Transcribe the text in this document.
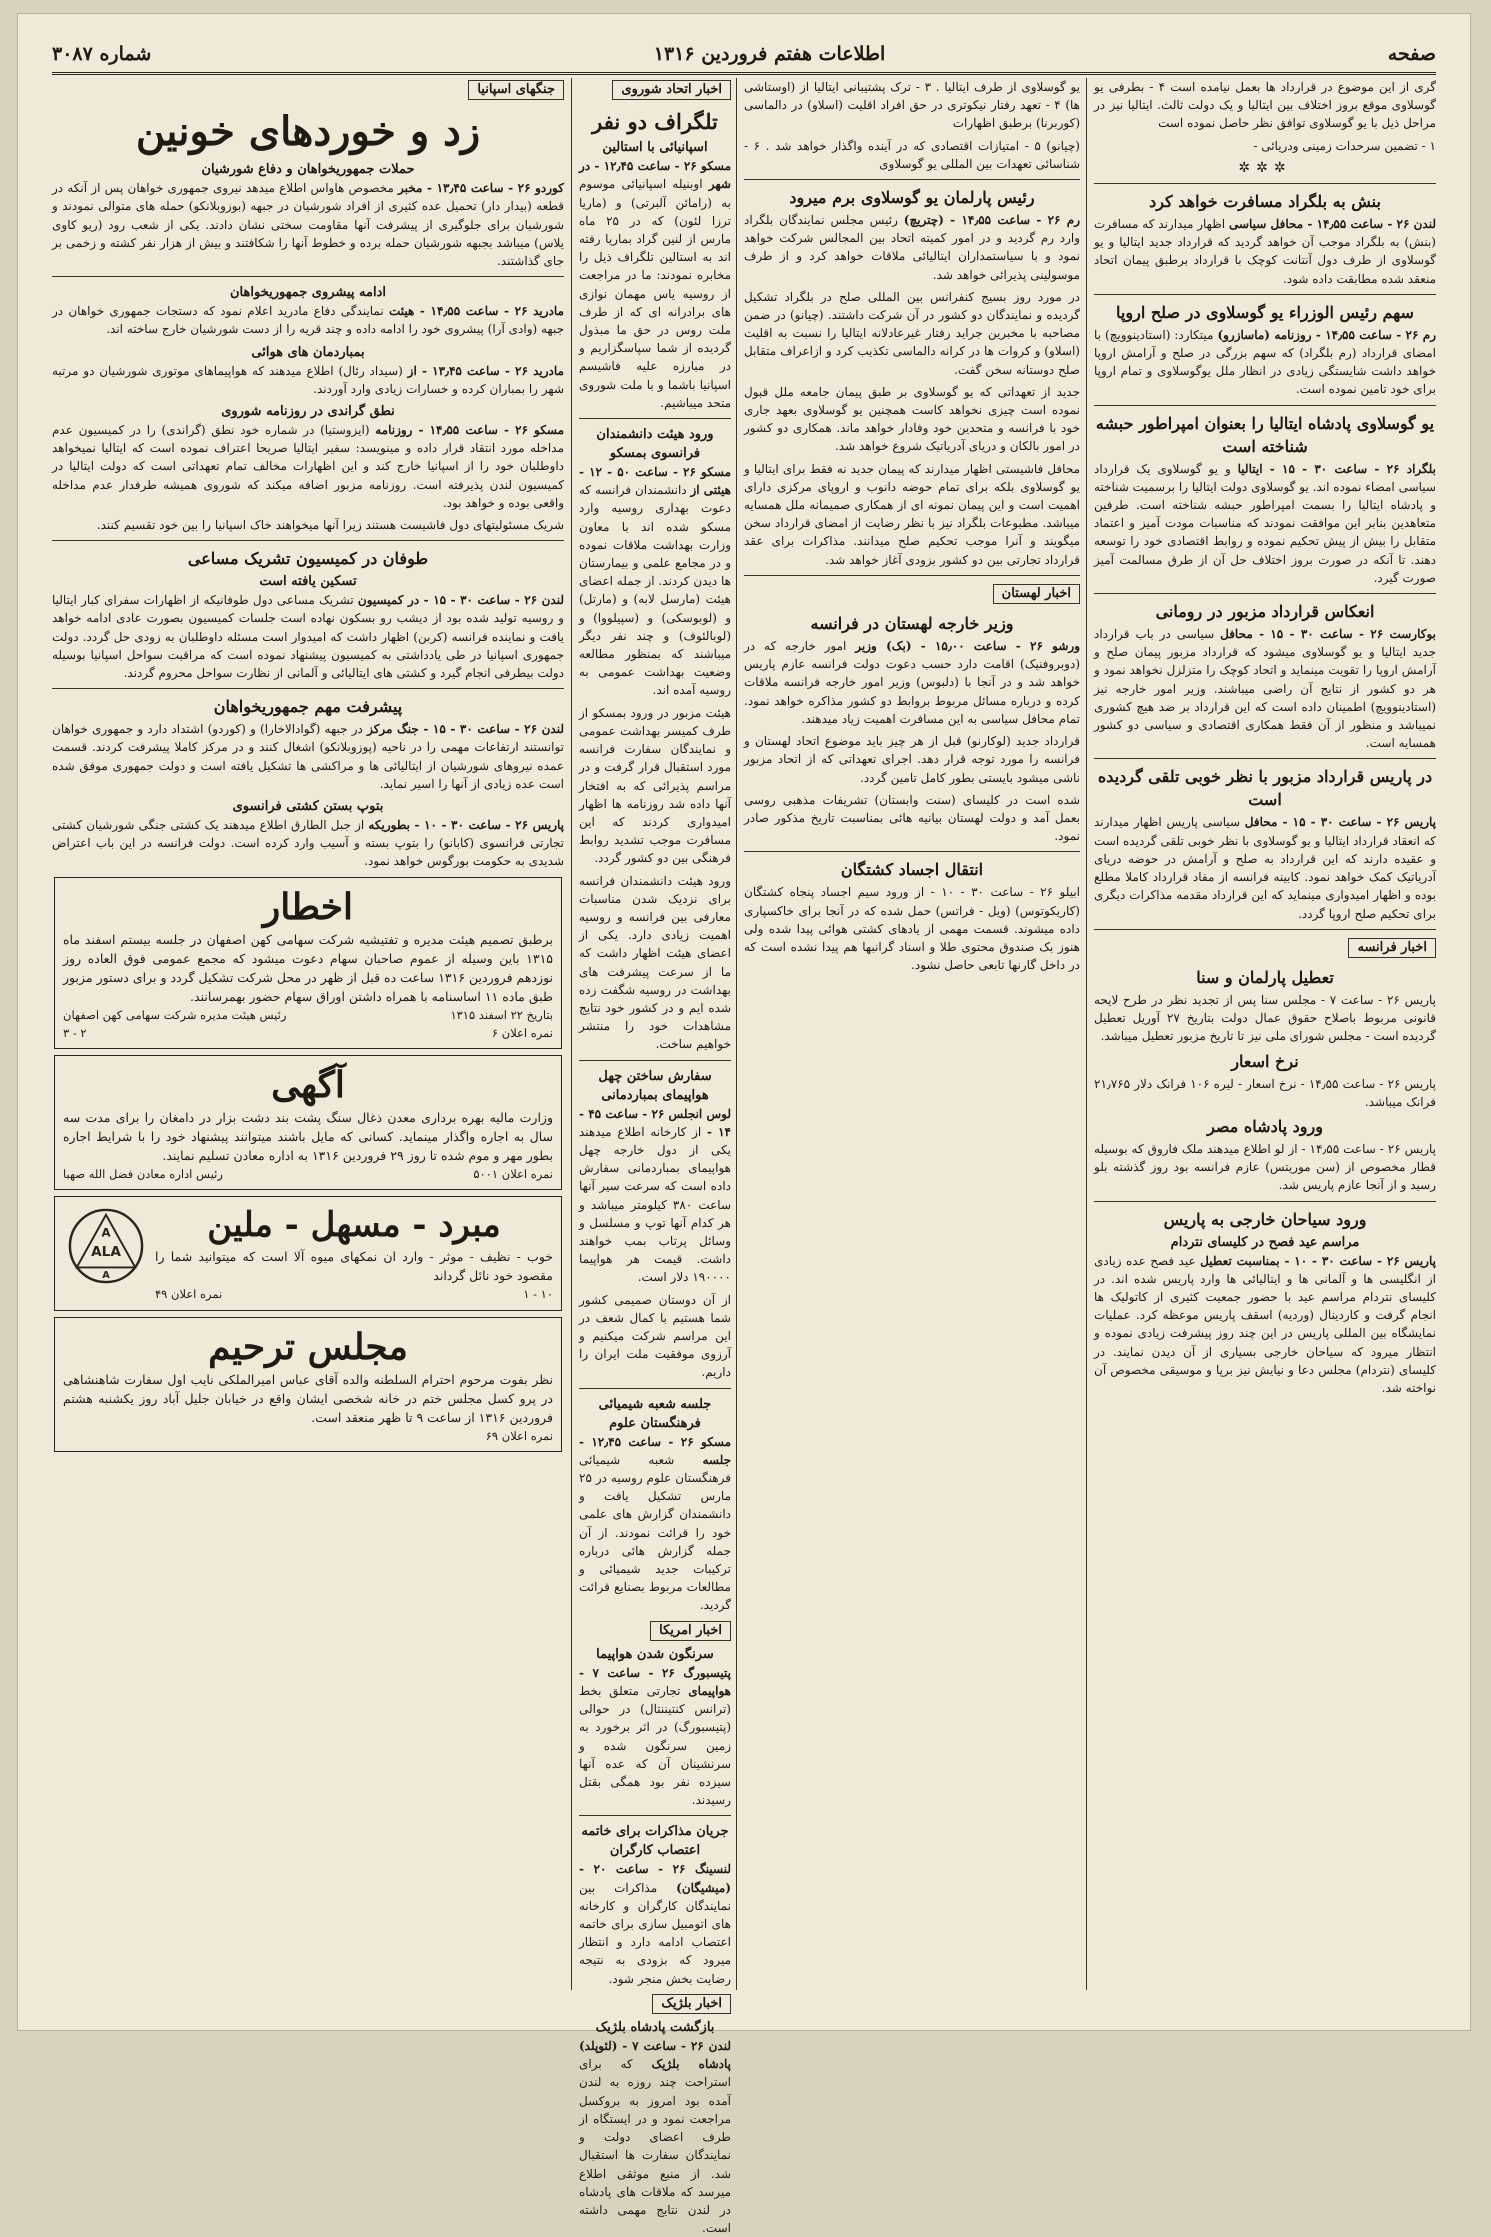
صفحه
اطلاعات هفتم فروردین ۱۳۱۶
شماره ۳۰۸۷

گری از این موضوع در قرارداد ها بعمل نیامده است ۴ - بطرفی یو گوسلاوی موقع بروز اختلاف بین ایتالیا و یک دولت ثالث. ایتالیا نیز در مراحل ذیل با یو گوسلاوی توافق نظر حاصل نموده است

۱ - تضمین سرحدات زمینی ودریائی -

✲✲✲
بنش به بلگراد مسافرت خواهد کرد

لندن ۲۶ - ساعت ۱۴٫۵۵ - محافل سیاسی اظهار میدارند که مسافرت (بنش) به بلگراد موجب آن خواهد گردید که قرارداد جدید ایتالیا و یو گوسلاوی از طرف دول آنتانت کوچک با قرارداد برطبق پیمان اتحاد منعقد شده مطابقت داده شود.

سهم رئیس الوزراء یو گوسلاوی در صلح اروپا

رم ۲۶ - ساعت ۱۴٫۵۵ - روزنامه (ماسازرو) میتکارد: (استادینوویچ) با امضای قرارداد (رم بلگراد) که سهم بزرگی در صلح و آرامش اروپا خواهد داشت شایستگی زیادی در انظار ملل یوگوسلاوی و تمام اروپا برای خود تامین نموده است.

یو گوسلاوی پادشاه ایتالیا را بعنوان امپراطور حبشه شناخته است

بلگراد ۲۶ - ساعت ۳۰ - ۱۵ - ایتالیا و یو گوسلاوی یک قرارداد سیاسی امضاء نموده اند. یو گوسلاوی دولت ایتالیا را برسمیت شناخته و پادشاه ایتالیا را بسمت امپراطور حبشه شناخته است. طرفین متعاهدین بنابر این موافقت نمودند که مناسبات مودت آمیز و اعتماد متقابل را بیش از پیش تحکیم نموده و روابط اقتصادی خود را توسعه دهند. تا آنکه در صورت بروز اختلاف حل آن از طرق مسالمت آمیز صورت گیرد.

انعکاس قرارداد مزبور در رومانی

بوکارست ۲۶ - ساعت ۳۰ - ۱۵ - محافل سیاسی در باب قرارداد جدید ایتالیا و یو گوسلاوی میشود که قرارداد مزبور پیمان صلح و آرامش اروپا را تقویت مینماید و اتحاد کوچک را متزلزل نخواهد نمود و هر دو کشور از نتایج آن راضی میباشند. وزیر امور خارجه نیز (استادینوویچ) اطمینان داده است که این قرارداد بر ضد هیچ کشوری نمیباشد و منظور از آن فقط همکاری اقتصادی و سیاسی دو کشور همسایه است.

در پاریس قرارداد مزبور با نظر خوبی تلقی گردیده است

پاریس ۲۶ - ساعت ۳۰ - ۱۵ - محافل سیاسی پاریس اظهار میدارند که انعقاد قرارداد ایتالیا و یو گوسلاوی با نظر خوبی تلقی گردیده است و عقیده دارند که این قرارداد به صلح و آرامش در حوضه دریای آدریاتیک کمک خواهد نمود. کابینه فرانسه از مفاد قرارداد کاملا مطلع بوده و اظهار امیدواری مینماید که این قرارداد مقدمه مذاکرات دیگری برای تحکیم صلح اروپا گردد.

اخبار فرانسه
تعطیل پارلمان و سنا

پاریس ۲۶ - ساعت ۷ - مجلس سنا پس از تجدید نظر در طرح لایحه قانونی مربوط باصلاح حقوق عمال دولت بتاریخ ۲۷ آوریل تعطیل گردیده است - مجلس شورای ملی نیز تا تاریخ مزبور تعطیل میباشد.

نرخ اسعار

پاریس ۲۶ - ساعت ۱۴٫۵۵ - نرخ اسعار - لیره ۱۰۶ فرانک دلار ۲۱٫۷۶۵ فرانک میباشد.

ورود پادشاه مصر

پاریس ۲۶ - ساعت ۱۴٫۵۵ - از لو اطلاع میدهند ملک فاروق که بوسیله قطار مخصوص از (سن موریتس) عازم فرانسه بود روز گذشته بلو رسید و از آنجا عازم پاریس شد.

ورود سیاحان خارجی به پاریس
مراسم عید فصح در کلیسای نتردام

پاریس ۲۶ - ساعت ۳۰ - ۱۰ - بمناسبت تعطیل عید فصح عده زیادی از انگلیسی ها و آلمانی ها و ایتالیائی ها وارد پاریس شده اند. در کلیسای نتردام مراسم عید با حضور جمعیت کثیری از کاتولیک ها انجام گرفت و کاردینال (وردیه) اسقف پاریس موعظه کرد. عملیات نمایشگاه بین المللی پاریس در این چند روز پیشرفت زیادی نموده و انتظار میرود که سیاحان خارجی بسیاری از آن دیدن نمایند. در کلیسای (نتردام) مجلس دعا و نیایش نیز برپا و موسیقی مخصوص آن نواخته شد.

یو گوسلاوی از طرف ایتالیا . ۳ - ترک پشتیبانی ایتالیا از (اوستاشی ها) ۴ - تعهد رفتار نیکوتری در حق افراد اقلیت (اسلاو) در دالماسی (کوربرنا) برطبق اظهارات

(چیانو) ۵ - امتیازات اقتصادی که در آینده واگذار خواهد شد . ۶ - شناسائی تعهدات بین المللی یو گوسلاوی

رئیس پارلمان یو گوسلاوی برم میرود

رم ۲۶ - ساعت ۱۴٫۵۵ - (چتریچ) رئیس مجلس نمایندگان بلگراد وارد رم گردید و در امور کمیته اتحاد بین المجالس شرکت خواهد نمود و با سیاستمداران ایتالیائی ملاقات خواهد کرد و از طرف موسولینی پذیرائی خواهد شد.

در مورد روز بسیج کنفرانس بین المللی صلح در بلگراد تشکیل گردیده و نمایندگان دو کشور در آن شرکت داشتند. (چیانو) در ضمن مصاحبه با مخبرین جراید رفتار غیرعادلانه ایتالیا را نسبت به اقلیت (اسلاو) و کروات ها در کرانه دالماسی تکذیب کرد و ازاعراف متقابل صلح دوستانه سخن گفت.

جدید از تعهداتی که یو گوسلاوی بر طبق پیمان جامعه ملل قبول نموده است چیزی نخواهد کاست همچنین یو گوسلاوی بعهد جاری خود با فرانسه و متحدین خود وفادار خواهد ماند. همکاری دو کشور در امور بالکان و دریای آدریاتیک شروع خواهد شد.

محافل فاشیستی اظهار میدارند که پیمان جدید نه فقط برای ایتالیا و یو گوسلاوی بلکه برای تمام حوضه دانوب و اروپای مرکزی دارای اهمیت است و این پیمان نمونه ای از همکاری صمیمانه ملل همسایه میباشد. مطبوعات بلگراد نیز با نظر رضایت از امضای قرارداد سخن میگویند و آنرا موجب تحکیم صلح میدانند. مذاکرات برای عقد قرارداد تجارتی بین دو کشور بزودی آغاز خواهد شد.

اخبار لهستان
وزیر خارجه لهستان در فرانسه

ورشو ۲۶ - ساعت ۱۵٫۰۰ - (بک) وزیر امور خارجه که در (دوبروفنیک) اقامت دارد حسب دعوت دولت فرانسه عازم پاریس خواهد شد و در آنجا با (دلبوس) وزیر امور خارجه فرانسه ملاقات کرده و درباره مسائل مربوط بروابط دو کشور مذاکره خواهد نمود. تمام محافل سیاسی به این مسافرت اهمیت زیاد میدهند.

قرارداد جدید (لوکارنو) قبل از هر چیز باید موضوع اتحاد لهستان و فرانسه را مورد توجه قرار دهد. اجرای تعهداتی که از اتحاد مزبور ناشی میشود بایستی بطور کامل تامین گردد.

شده است در کلیسای (سنت وابستان) تشریفات مذهبی روسی بعمل آمد و دولت لهستان بیانیه هائی بمناسبت تاریخ مذکور صادر نمود.

انتقال اجساد کشتگان

ابیلو ۲۶ - ساعت ۳۰ - ۱۰ - از ورود سیم اجساد پنجاه کشتگان (کاریکوتوس) (ویل - فراتس) حمل شده که در آنجا برای خاکسپاری داده میشوند. قسمت مهمی از یادهای کشتی هوائی پیدا شده ولی هنوز بک صندوق محتوی طلا و اسناد گرانبها هم پیدا نشده است که در داخل گارنها تابعی حاصل نشود.

اخبار اتحاد شوروی
تلگراف دو نفر
اسپانیائی با استالین

مسکو ۲۶ - ساعت ۱۲٫۴۵ - در شهر اوبنیله اسپانیائی موسوم به (رامائن آلبرتی) و (ماریا ترزا لئون) که در ۲۵ ماه مارس از لنین گراد بماریا رفته اند به استالین تلگراف ذیل را مخابره نمودند: ما در مراجعت از روسیه یاس مهمان نوازی های برادرانه ای که از طرف ملت روس در حق ما مبذول گردیده از شما سپاسگزاریم و در مبارزه علیه فاشیسم اسپانیا باشما و با ملت شوروی متحد میباشیم.

ورود هیئت دانشمندان فرانسوی بمسکو

مسکو ۲۶ - ساعت ۵۰ - ۱۲ - هیئتی از دانشمندان فرانسه که دعوت بهداری روسیه وارد مسکو شده اند با معاون وزارت بهداشت ملاقات نموده و در مجامع علمی و بیمارستان ها دیدن کردند. از جمله اعضای هیئت (مارسل لابه) و (مارتل) و (لوبوسکی) و (سپیلووا) و (لوبالئوف) و چند نفر دیگر میباشند که بمنظور مطالعه وضعیت بهداشت عمومی به روسیه آمده اند.

هیئت مزبور در ورود بمسکو از طرف کمیسر بهداشت عمومی و نمایندگان سفارت فرانسه مورد استقبال قرار گرفت و در مراسم پذیرائی که به افتخار آنها داده شد روزنامه ها اظهار امیدواری کردند که این مسافرت موجب تشدید روابط فرهنگی بین دو کشور گردد.

ورود هیئت دانشمندان فرانسه برای نزدیک شدن مناسبات معارفی بین فرانسه و روسیه اهمیت زیادی دارد. یکی از اعضای هیئت اظهار داشت که ما از سرعت پیشرفت های بهداشت در روسیه شگفت زده شده ایم و در کشور خود نتایج مشاهدات خود را منتشر خواهیم ساخت.

سفارش ساختن چهل هواپیمای بمباردمانی

لوس انجلس ۲۶ - ساعت ۴۵ - ۱۴ - از کارخانه اطلاع میدهند یکی از دول خارجه چهل هواپیمای بمباردمانی سفارش داده است که سرعت سیر آنها ساعت ۳۸۰ کیلومتر میباشد و هر کدام آنها توپ و مسلسل و وسائل پرتاب بمب خواهند داشت. قیمت هر هواپیما ۱۹۰۰۰۰ دلار است.

از آن دوستان صمیمی کشور شما هستیم با کمال شعف در این مراسم شرکت میکنیم و آرزوی موفقیت ملت ایران را داریم.

جلسه شعبه شیمیائی فرهنگستان علوم

مسکو ۲۶ - ساعت ۱۲٫۴۵ - جلسه شعبه شیمیائی فرهنگستان علوم روسیه در ۲۵ مارس تشکیل یافت و دانشمندان گزارش های علمی خود را قرائت نمودند. از آن جمله گزارش هائی درباره ترکیبات جدید شیمیائی و مطالعات مربوط بصنایع قرائت گردید.

اخبار امریکا
سرنگون شدن هواپیما

پتیسبورگ ۲۶ - ساعت ۷ - هواپیمای تجارتی متعلق بخط (ترانس کنتیننتال) در حوالی (پتیسبورگ) در اثر برخورد به زمین سرنگون شده و سرنشینان آن که عده آنها سیزده نفر بود همگی بقتل رسیدند.

جریان مذاکرات برای خاتمه اعتصاب کارگران

لنسینگ ۲۶ - ساعت ۲۰ - (میشیگان) مذاکرات بین نمایندگان کارگران و کارخانه های اتومبیل سازی برای خاتمه اعتصاب ادامه دارد و انتظار میرود که بزودی به نتیجه رضایت بخش منجر شود.

اخبار بلژیک
بازگشت پادشاه بلژیک

لندن ۲۶ - ساعت ۷ - (لئوپلد) پادشاه بلژیک که برای استراحت چند روزه به لندن آمده بود امروز به بروکسل مراجعت نمود و در ایستگاه از طرف اعضای دولت و نمایندگان سفارت ها استقبال شد. از منبع موثقی اطلاع میرسد که ملاقات های پادشاه در لندن نتایج مهمی داشته است.

جنگهای اسپانیا
زد و خوردهای خونین
حملات جمهوریخواهان و دفاع شورشیان

کوردو ۲۶ - ساعت ۱۳٫۴۵ - مخبر مخصوص هاواس اطلاع میدهد نیروی جمهوری خواهان پس از آنکه در قطعه (بیدار دار) تحمیل عده کثیری از افراد شورشیان در جبهه (بوزوبلانکو) حمله های متوالی نمودند و شورشیان برای جلوگیری از پیشرفت آنها مقاومت سختی نشان دادند. یکی از شعب رود (ریو کاوی یلاس) میباشد بجبهه شورشیان حمله برده و خطوط آنها را شکافتند و بیش از هزار نفر کشته و زخمی بر جای گذاشتند.

ادامه پیشروی جمهوریخواهان

مادرید ۲۶ - ساعت ۱۴٫۵۵ - هیئت نمایندگی دفاع مادرید اعلام نمود که دستجات جمهوری خواهان در جبهه (وادی آرا) پیشروی خود را ادامه داده و چند قریه را از دست شورشیان خارج ساخته اند.

بمباردمان های هوائی

مادرید ۲۶ - ساعت ۱۳٫۴۵ - از (سیداد رئال) اطلاع میدهند که هواپیماهای موتوری شورشیان دو مرتبه شهر را بمباران کرده و خسارات زیادی وارد آوردند.

نطق گراندی در روزنامه شوروی

مسکو ۲۶ - ساعت ۱۴٫۵۵ - روزنامه (ایزوستیا) در شماره خود نطق (گراندی) را در کمیسیون عدم مداخله مورد انتقاد قرار داده و مینویسد: سفیر ایتالیا صریحا اعتراف نموده است که ایتالیا نمیخواهد داوطلبان خود را از اسپانیا خارج کند و این اظهارات مخالف تمام تعهداتی است که دولت ایتالیا در کمیسیون لندن پذیرفته است. روزنامه مزبور اضافه میکند که شوروی همیشه طرفدار عدم مداخله واقعی بوده و خواهد بود.

شریک مسئولیتهای دول فاشیست هستند زیرا آنها میخواهند خاک اسپانیا را بین خود تقسیم کنند.

طوفان در کمیسیون تشریک مساعی
تسکین یافته است

لندن ۲۶ - ساعت ۳۰ - ۱۵ - در کمیسیون تشریک مساعی دول طوفانیکه از اظهارات سفرای کبار ایتالیا و روسیه تولید شده بود از دیشب رو بسکون نهاده است جلسات کمیسیون بصورت عادی ادامه خواهد یافت و نماینده فرانسه (کربن) اظهار داشت که امیدوار است مسئله داوطلبان به زودی حل گردد. دولت جمهوری اسپانیا در طی یادداشتی به کمیسیون پیشنهاد نموده است که مراقبت سواحل اسپانیا بوسیله دولت بیطرفی انجام گیرد و کشتی های ایتالیائی و آلمانی از نظارت سواحل محروم گردند.

پیشرفت مهم جمهوریخواهان

لندن ۲۶ - ساعت ۳۰ - ۱۵ - جنگ مرکز در جبهه (گوادالاخارا) و (کوردو) اشتداد دارد و جمهوری خواهان توانستند ارتفاعات مهمی را در ناحیه (پوزوبلانکو) اشغال کنند و در مرکز کاملا پیشرفت کردند. قسمت عمده نیروهای شورشیان از ایتالیائی ها و مراکشی ها تشکیل یافته است و دولت جمهوری موفق شده است عده زیادی از آنها را اسیر نماید.

بتوپ بستن کشتی فرانسوی

پاریس ۲۶ - ساعت ۳۰ - ۱۰ - بطوریکه از جبل الطارق اطلاع میدهند یک کشتی جنگی شورشیان کشتی تجارتی فرانسوی (کابانو) را بتوپ بسته و آسیب وارد کرده است. دولت فرانسه در این باب اعتراض شدیدی به حکومت بورگوس خواهد نمود.

اخطار
برطبق تصمیم هیئت مدیره و تفتیشیه شرکت سهامی کهن اصفهان در جلسه بیستم اسفند ماه ۱۳۱۵ باین وسیله از عموم صاحبان سهام دعوت میشود که مجمع عمومی فوق العاده روز نوزدهم فروردین ۱۳۱۶ ساعت ده قبل از ظهر در محل شرکت تشکیل گردد و برای دستور مزبور طبق ماده ۱۱ اساسنامه با همراه داشتن اوراق سهام حضور بهمرسانند.
بتاریخ ۲۲ اسفند ۱۳۱۵
رئیس هیئت مدیره شرکت سهامی کهن اصفهان
نمره اعلان ۶
۲ - ۳
آگهی
وزارت مالیه بهره برداری معدن ذغال سنگ پشت بند دشت بزار در دامغان را برای مدت سه سال به اجاره واگذار مینماید. کسانی که مایل باشند میتوانند پیشنهاد خود را با شرایط اجاره بطور مهر و موم شده تا روز ۲۹ فروردین ۱۳۱۶ به اداره معادن تسلیم نمایند.
نمره اعلان ۵۰۰۱
رئیس اداره معادن فضل الله صهبا
A
ALA
A
مبرد - مسهل - ملین
خوب - نظیف - موثر - وارد ان نمکهای میوه آلا است که میتوانید شما را مقصود خود نائل گرداند
۱۰ - ۱
نمره اعلان ۴۹
مجلس ترحیم
نظر بفوت مرحوم احترام السلطنه والده آقای عباس امیرالملکی نایب اول سفارت شاهنشاهی در پرو کسل مجلس ختم در خانه شخصی ایشان واقع در خیابان جلیل آباد روز یکشنبه هشتم فروردین ۱۳۱۶ از ساعت ۹ تا ظهر منعقد است.
نمره اعلان ۶۹
